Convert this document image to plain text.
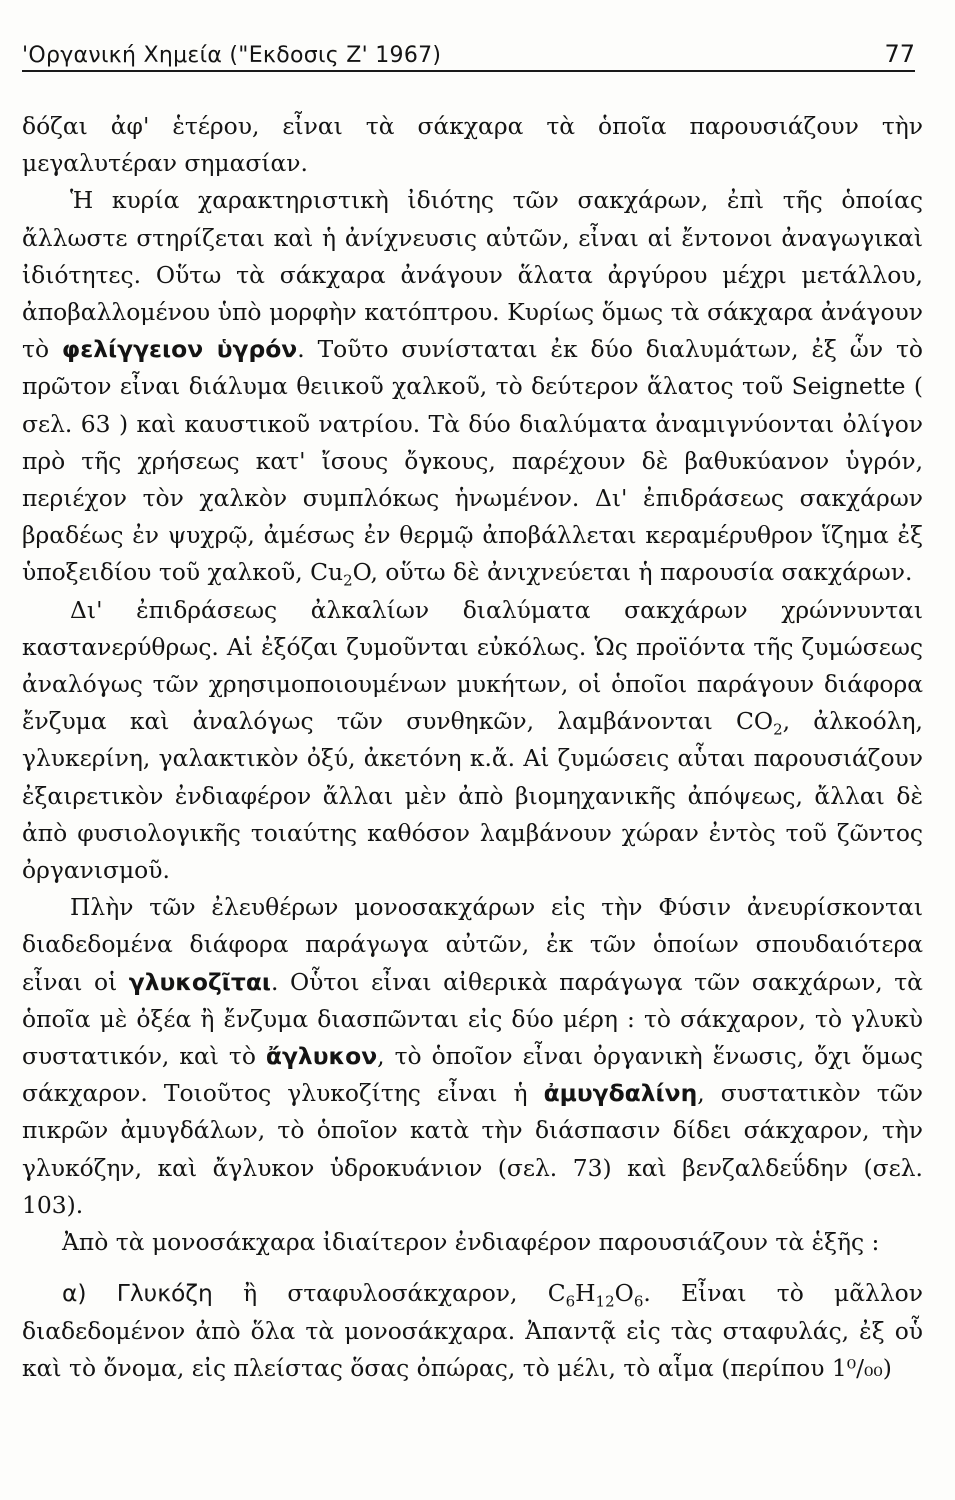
'Οργανική Χημεία ("Εκδοσις Ζ' 1967)	77

δόζαι ἀφ' ἑτέρου, εἶναι τὰ σάκχαρα τὰ ὁποῖα παρουσιάζουν τὴν μεγαλυτέραν σημασίαν.

Ἡ κυρία χαρακτηριστικὴ ἰδιότης τῶν σακχάρων, ἐπὶ τῆς ὁποίας ἄλλωστε στηρίζεται καὶ ἡ ἀνίχνευσις αὐτῶν, εἶναι αἱ ἔντονοι ἀναγωγικαὶ ἰδιότητες. Οὕτω τὰ σάκχαρα ἀνάγουν ἅλατα ἀργύρου μέχρι μετάλλου, ἀποβαλλομένου ὑπὸ μορφὴν κατόπτρου. Κυρίως ὅμως τὰ σάκχαρα ἀνάγουν τὸ φελίγγειον ὑγρόν. Τοῦτο συνίσταται ἐκ δύο διαλυμάτων, ἐξ ὧν τὸ πρῶτον εἶναι διάλυμα θειικοῦ χαλκοῦ, τὸ δεύτερον ἅλατος τοῦ Seignette ( σελ. 63 ) καὶ καυστικοῦ νατρίου. Τὰ δύο διαλύματα ἀναμιγνύονται ὀλίγον πρὸ τῆς χρήσεως κατ' ἴσους ὄγκους, παρέχουν δὲ βαθυκύανον ὑγρόν, περιέχον τὸν χαλκὸν συμπλόκως ἡνωμένον. Δι' ἐπιδράσεως σακχάρων βραδέως ἐν ψυχρῷ, ἀμέσως ἐν θερμῷ ἀποβάλλεται κεραμέρυθρον ἵζημα ἐξ ὑποξειδίου τοῦ χαλκοῦ, $Cu_2O$, οὕτω δὲ ἀνιχνεύεται ἡ παρουσία σακχάρων.

Δι' ἐπιδράσεως ἀλκαλίων διαλύματα σακχάρων χρώννυνται καστανερύθρως. Αἱ ἐξόζαι ζυμοῦνται εὐκόλως. Ὡς προϊόντα τῆς ζυμώσεως ἀναλόγως τῶν χρησιμοποιουμένων μυκήτων, οἱ ὁποῖοι παράγουν διάφορα ἔνζυμα καὶ ἀναλόγως τῶν συνθηκῶν, λαμβάνονται $CO_2$, ἀλκοόλη, γλυκερίνη, γαλακτικὸν ὀξύ, ἀκετόνη κ.ἄ. Αἱ ζυμώσεις αὗται παρουσιάζουν ἐξαιρετικὸν ἐνδιαφέρον ἄλλαι μὲν ἀπὸ βιομηχανικῆς ἀπόψεως, ἄλλαι δὲ ἀπὸ φυσιολογικῆς τοιαύτης καθόσον λαμβάνουν χώραν ἐντὸς τοῦ ζῶντος ὀργανισμοῦ.

Πλὴν τῶν ἐλευθέρων μονοσακχάρων εἰς τὴν Φύσιν ἀνευρίσκονται διαδεδομένα διάφορα παράγωγα αὐτῶν, ἐκ τῶν ὁποίων σπουδαιότερα εἶναι οἱ γλυκοζῖται. Οὗτοι εἶναι αἰθερικὰ παράγωγα τῶν σακχάρων, τὰ ὁποῖα μὲ ὀξέα ἢ ἔνζυμα διασπῶνται εἰς δύο μέρη : τὸ σάκχαρον, τὸ γλυκὺ συστατικόν, καὶ τὸ ἄγλυκον, τὸ ὁποῖον εἶναι ὀργανικὴ ἕνωσις, ὄχι ὅμως σάκχαρον. Τοιοῦτος γλυκοζίτης εἶναι ἡ ἀμυγδαλίνη, συστατικὸν τῶν πικρῶν ἀμυγδάλων, τὸ ὁποῖον κατὰ τὴν διάσπασιν δίδει σάκχαρον, τὴν γλυκόζην, καὶ ἄγλυκον ὑδροκυάνιον (σελ. 73) καὶ βενζαλδεΰδην (σελ. 103).

Ἀπὸ τὰ μονοσάκχαρα ἰδιαίτερον ἐνδιαφέρον παρουσιάζουν τὰ ἑξῆς :

α) Γλυκόζη ἢ σταφυλοσάκχαρον, $C_6H_{12}O_6$. Εἶναι τὸ μᾶλλον διαδεδομένον ἀπὸ ὅλα τὰ μονοσάκχαρα. Ἀπαντᾷ εἰς τὰς σταφυλάς, ἐξ οὗ καὶ τὸ ὄνομα, εἰς πλείστας ὅσας ὀπώρας, τὸ μέλι, τὸ αἷμα (περίπου 1⁰/₀₀)
